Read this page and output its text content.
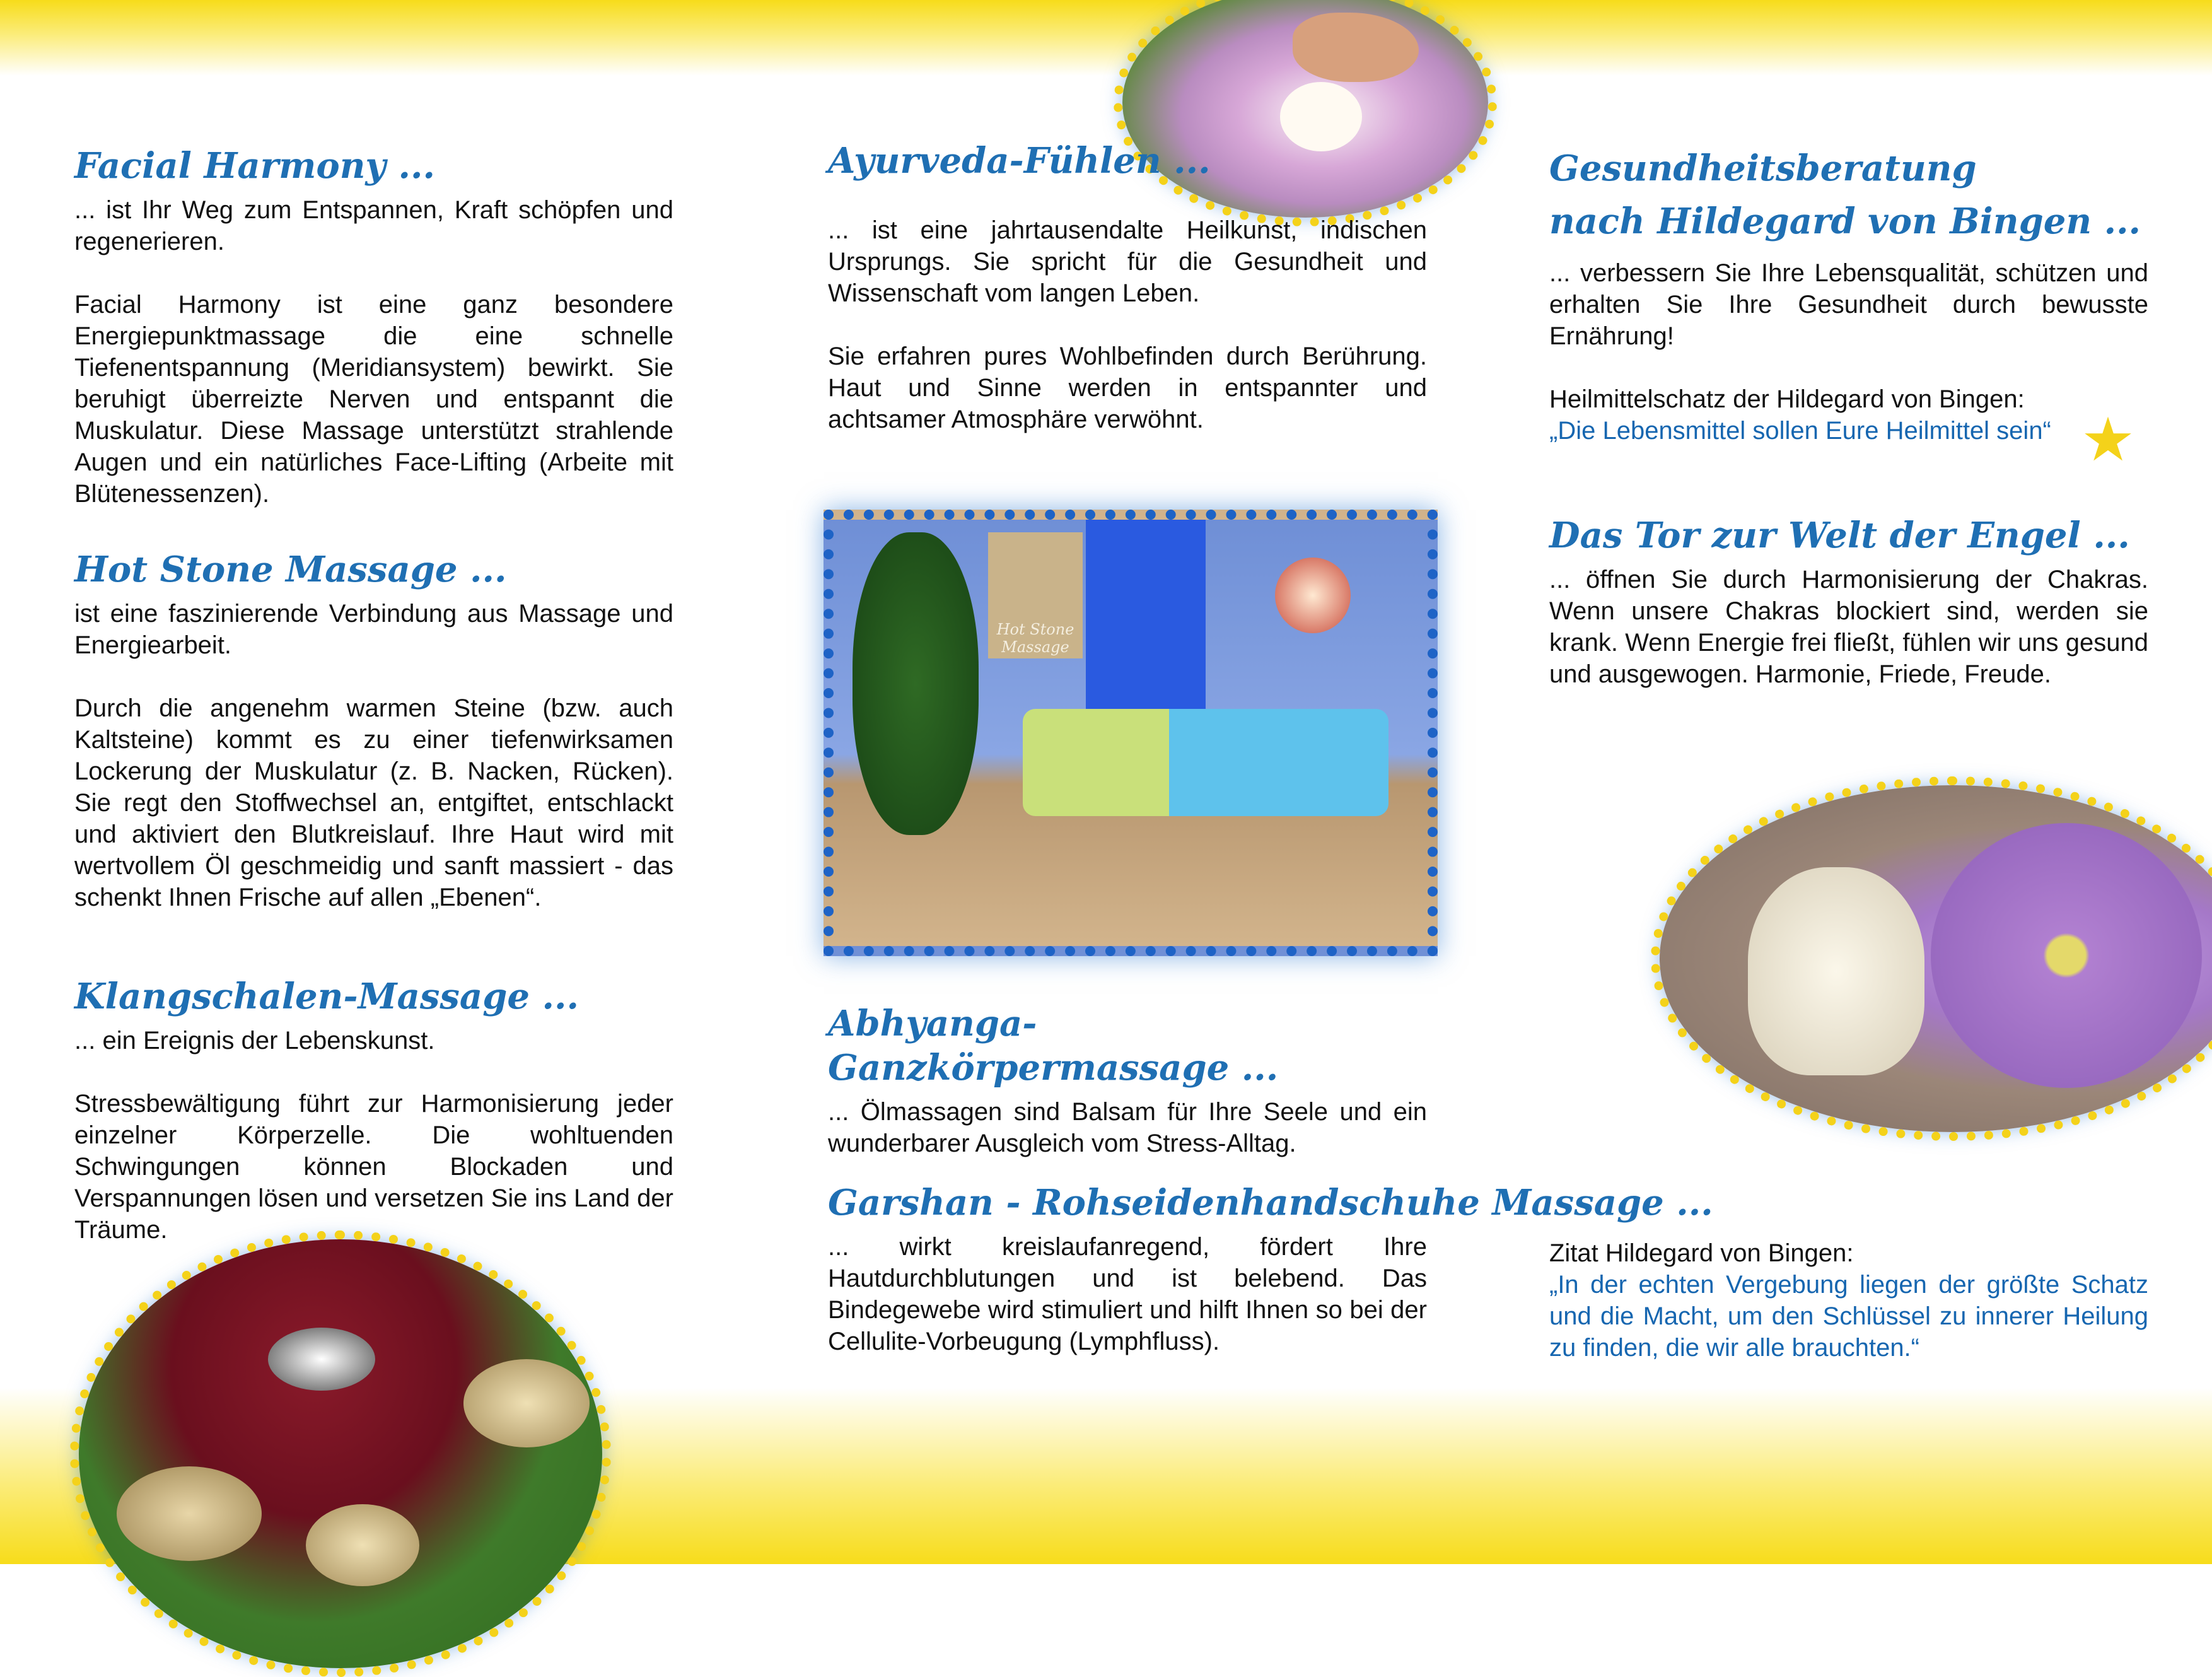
Facial Harmony ...

... ist Ihr Weg zum Entspannen, Kraft schöpfen und regenerieren.

Facial Harmony ist eine ganz besondere Energiepunktmassage die eine schnelle Tiefenentspannung (Meridiansystem) bewirkt. Sie beruhigt überreizte Nerven und entspannt die Muskulatur. Diese Massage unterstützt strahlende Augen und ein natürliches Face-Lifting (Arbeite mit Blütenessenzen).

Hot Stone Massage ...

ist eine faszinierende Verbindung aus Massage und Energiearbeit.

Durch die angenehm warmen Steine (bzw. auch Kaltsteine) kommt es zu einer tiefenwirksamen Lockerung der Muskulatur (z. B. Nacken, Rücken). Sie regt den Stoffwechsel an, entgiftet, entschlackt und aktiviert den Blutkreislauf. Ihre Haut wird mit wertvollem Öl geschmeidig und sanft massiert - das schenkt Ihnen Frische auf allen „Ebenen“.

Klangschalen-Massage ...

... ein Ereignis der Lebenskunst.

Stressbewältigung führt zur Harmonisierung jeder einzelner Körperzelle. Die wohltuenden Schwingungen können Blockaden und Verspannungen lösen und versetzen Sie ins Land der Träume.

Ayurveda-Fühlen ...

... ist eine jahrtausendalte Heilkunst, indischen Ursprungs. Sie spricht für die Gesundheit und Wissenschaft vom langen Leben.

Sie erfahren pures Wohlbefinden durch Berührung. Haut und Sinne werden in entspannter und achtsamer Atmosphäre verwöhnt.

Hot Stone Massage
Abhyanga-Ganzkörpermassage ...

... Ölmassagen sind Balsam für Ihre Seele und ein wunderbarer Ausgleich vom Stress-Alltag.

Garshan - Rohseidenhandschuhe Massage ...

... wirkt kreislaufanregend, fördert Ihre Hautdurchblutungen und ist belebend. Das Bindegewebe wird stimuliert und hilft Ihnen so bei der Cellulite-Vorbeugung (Lymphfluss).

Gesundheitsberatung
nach Hildegard von Bingen ...

... verbessern Sie Ihre Lebensqualität, schützen und erhalten Sie Ihre Gesundheit durch bewusste Ernährung!

Heilmittelschatz der Hildegard von Bingen:

„Die Lebensmittel sollen Eure Heilmittel sein“ ★
Das Tor zur Welt der Engel ...

... öffnen Sie durch Harmonisierung der Chakras. Wenn unsere Chakras blockiert sind, werden sie krank. Wenn Energie frei fließt, fühlen wir uns gesund und ausgewogen. Harmonie, Friede, Freude.

Zitat Hildegard von Bingen:

„In der echten Vergebung liegen der größte Schatz und die Macht, um den Schlüssel zu innerer Heilung zu finden, die wir alle brauchten.“
